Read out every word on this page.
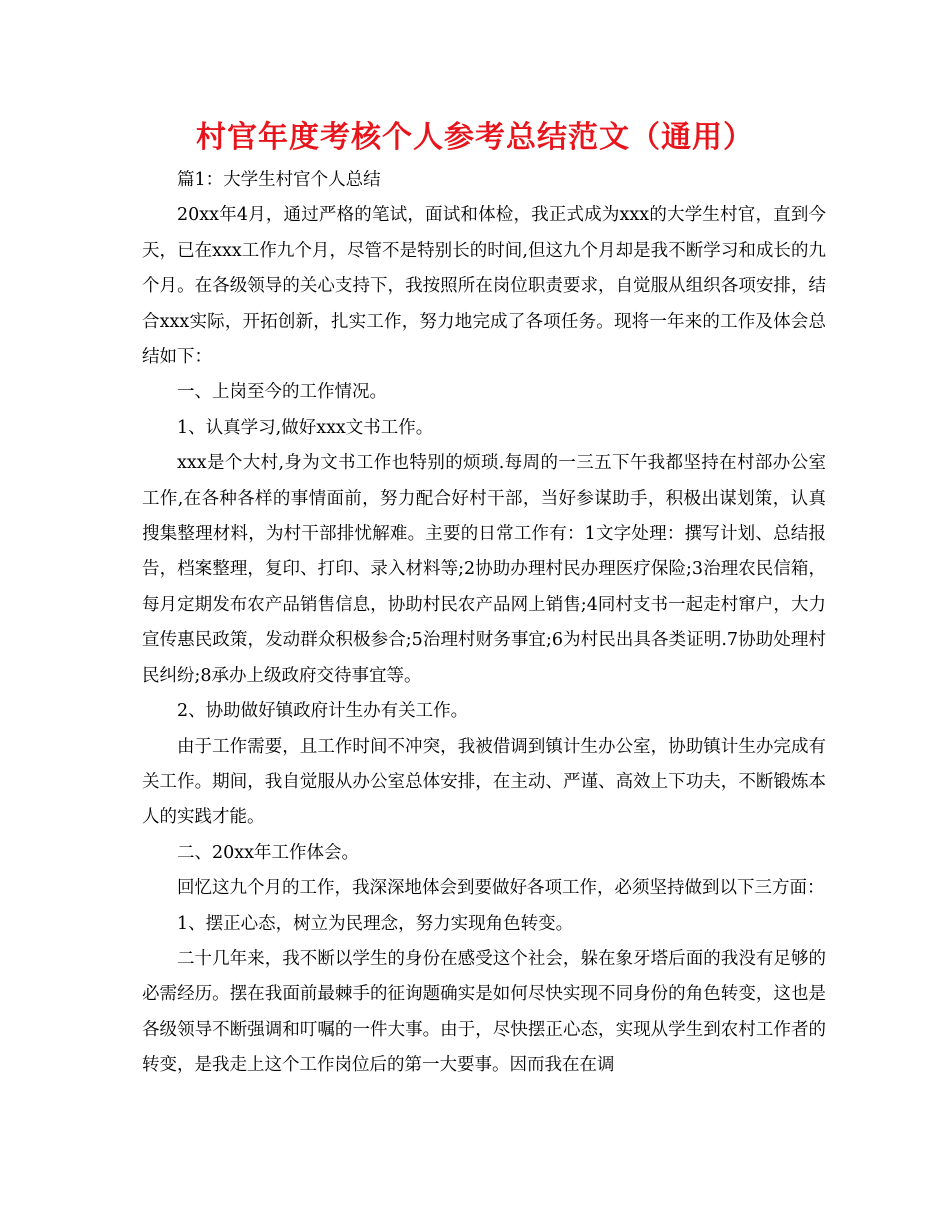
村官年度考核个人参考总结范文（通用）

篇1：大学生村官个人总结

20xx年4月，通过严格的笔试，面试和体检，我正式成为xxx的大学生村官，直到今天，已在xxx工作九个月，尽管不是特别长的时间,但这九个月却是我不断学习和成长的九个月。在各级领导的关心支持下，我按照所在岗位职责要求，自觉服从组织各项安排，结合xxx实际，开拓创新，扎实工作，努力地完成了各项任务。现将一年来的工作及体会总结如下：

一、上岗至今的工作情况。

1、认真学习,做好xxx文书工作。

xxx是个大村,身为文书工作也特别的烦琐.每周的一三五下午我都坚持在村部办公室工作,在各种各样的事情面前，努力配合好村干部，当好参谋助手，积极出谋划策，认真搜集整理材料，为村干部排忧解难。主要的日常工作有：1文字处理：撰写计划、总结报告，档案整理，复印、打印、录入材料等;2协助办理村民办理医疗保险;3治理农民信箱，每月定期发布农产品销售信息，协助村民农产品网上销售;4同村支书一起走村窜户，大力宣传惠民政策，发动群众积极参合;5治理村财务事宜;6为村民出具各类证明.7协助处理村民纠纷;8承办上级政府交待事宜等。

2、协助做好镇政府计生办有关工作。

由于工作需要，且工作时间不冲突，我被借调到镇计生办公室，协助镇计生办完成有关工作。期间，我自觉服从办公室总体安排，在主动、严谨、高效上下功夫，不断锻炼本人的实践才能。

二、20xx年工作体会。

回忆这九个月的工作，我深深地体会到要做好各项工作，必须坚持做到以下三方面：

1、摆正心态，树立为民理念，努力实现角色转变。

二十几年来，我不断以学生的身份在感受这个社会，躲在象牙塔后面的我没有足够的必需经历。摆在我面前最棘手的征询题确实是如何尽快实现不同身份的角色转变，这也是各级领导不断强调和叮嘱的一件大事。由于，尽快摆正心态，实现从学生到农村工作者的转变，是我走上这个工作岗位后的第一大要事。因而我在在调
